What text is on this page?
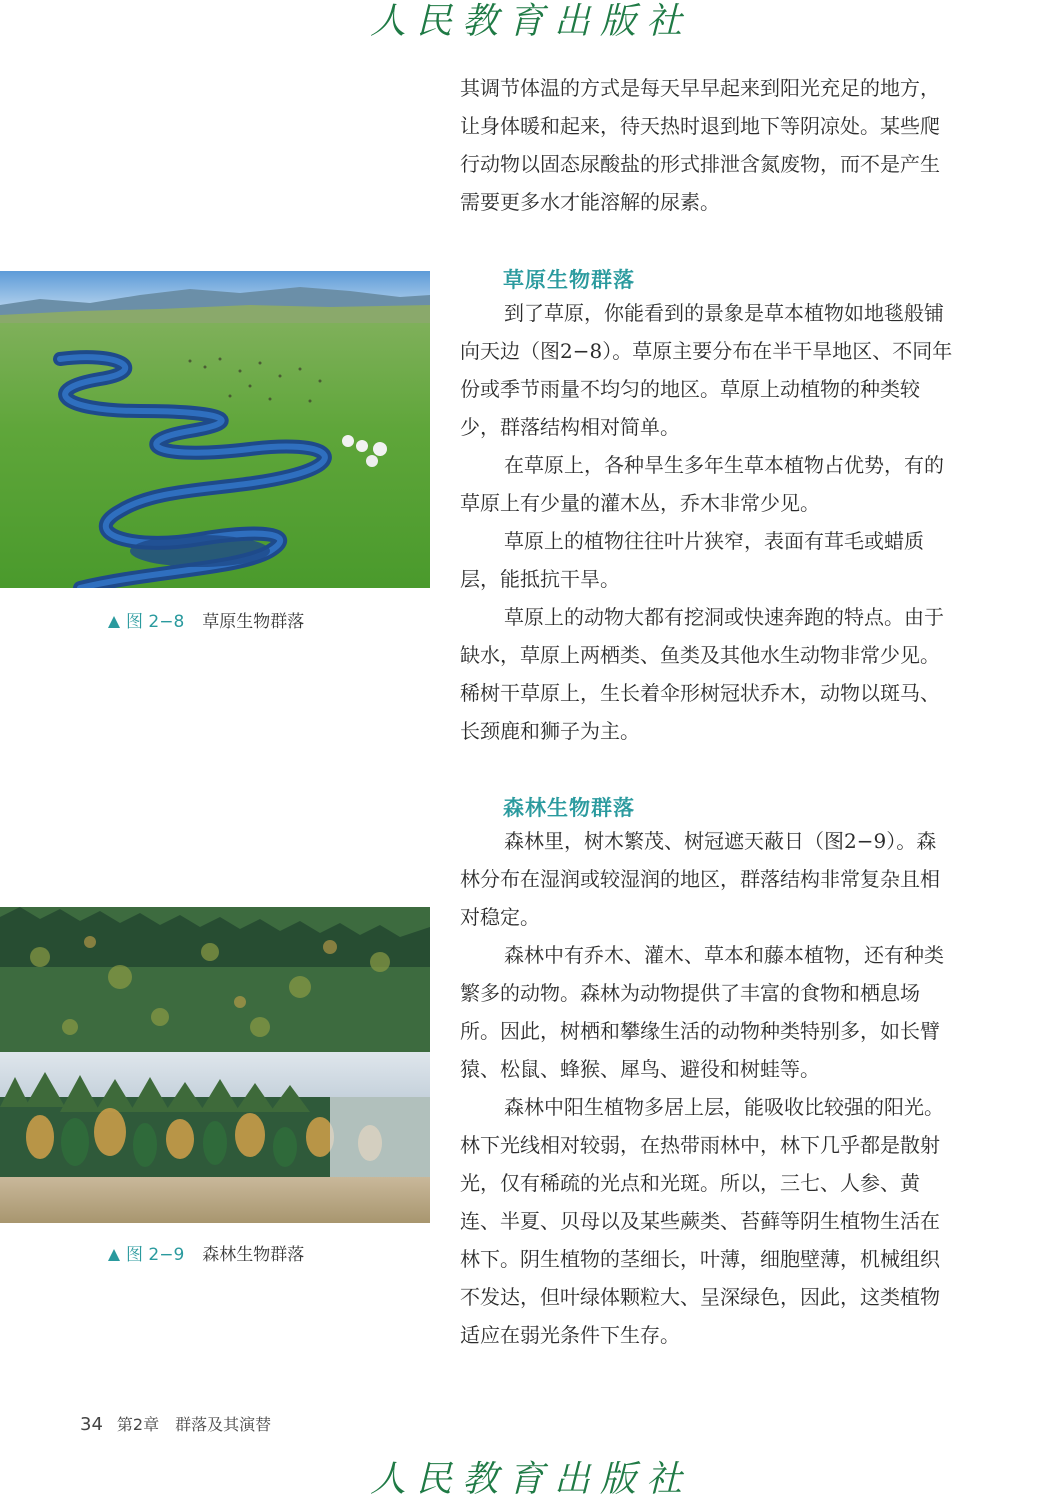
人民教育出版社

其调节体温的方式是每天早早起来到阳光充足的地方，让身体暖和起来，待天热时退到地下等阴凉处。某些爬行动物以固态尿酸盐的形式排泄含氮废物，而不是产生需要更多水才能溶解的尿素。

草原生物群落

到了草原，你能看到的景象是草本植物如地毯般铺向天边（图2−8）。草原主要分布在半干旱地区、不同年份或季节雨量不均匀的地区。草原上动植物的种类较少，群落结构相对简单。

在草原上，各种旱生多年生草本植物占优势，有的草原上有少量的灌木丛，乔木非常少见。

草原上的植物往往叶片狭窄，表面有茸毛或蜡质层，能抵抗干旱。

草原上的动物大都有挖洞或快速奔跑的特点。由于缺水，草原上两栖类、鱼类及其他水生动物非常少见。稀树干草原上，生长着伞形树冠状乔木，动物以斑马、长颈鹿和狮子为主。

图 2−8 草原生物群落
森林生物群落

森林里，树木繁茂、树冠遮天蔽日（图2−9）。森林分布在湿润或较湿润的地区，群落结构非常复杂且相对稳定。

森林中有乔木、灌木、草本和藤本植物，还有种类繁多的动物。森林为动物提供了丰富的食物和栖息场所。因此，树栖和攀缘生活的动物种类特别多，如长臂猿、松鼠、蜂猴、犀鸟、避役和树蛙等。

森林中阳生植物多居上层，能吸收比较强的阳光。林下光线相对较弱，在热带雨林中，林下几乎都是散射光，仅有稀疏的光点和光斑。所以，三七、人参、黄连、半夏、贝母以及某些蕨类、苔藓等阴生植物生活在林下。阴生植物的茎细长，叶薄，细胞壁薄，机械组织不发达，但叶绿体颗粒大、呈深绿色，因此，这类植物适应在弱光条件下生存。

图 2−9 森林生物群落
34 第2章 群落及其演替
人民教育出版社
